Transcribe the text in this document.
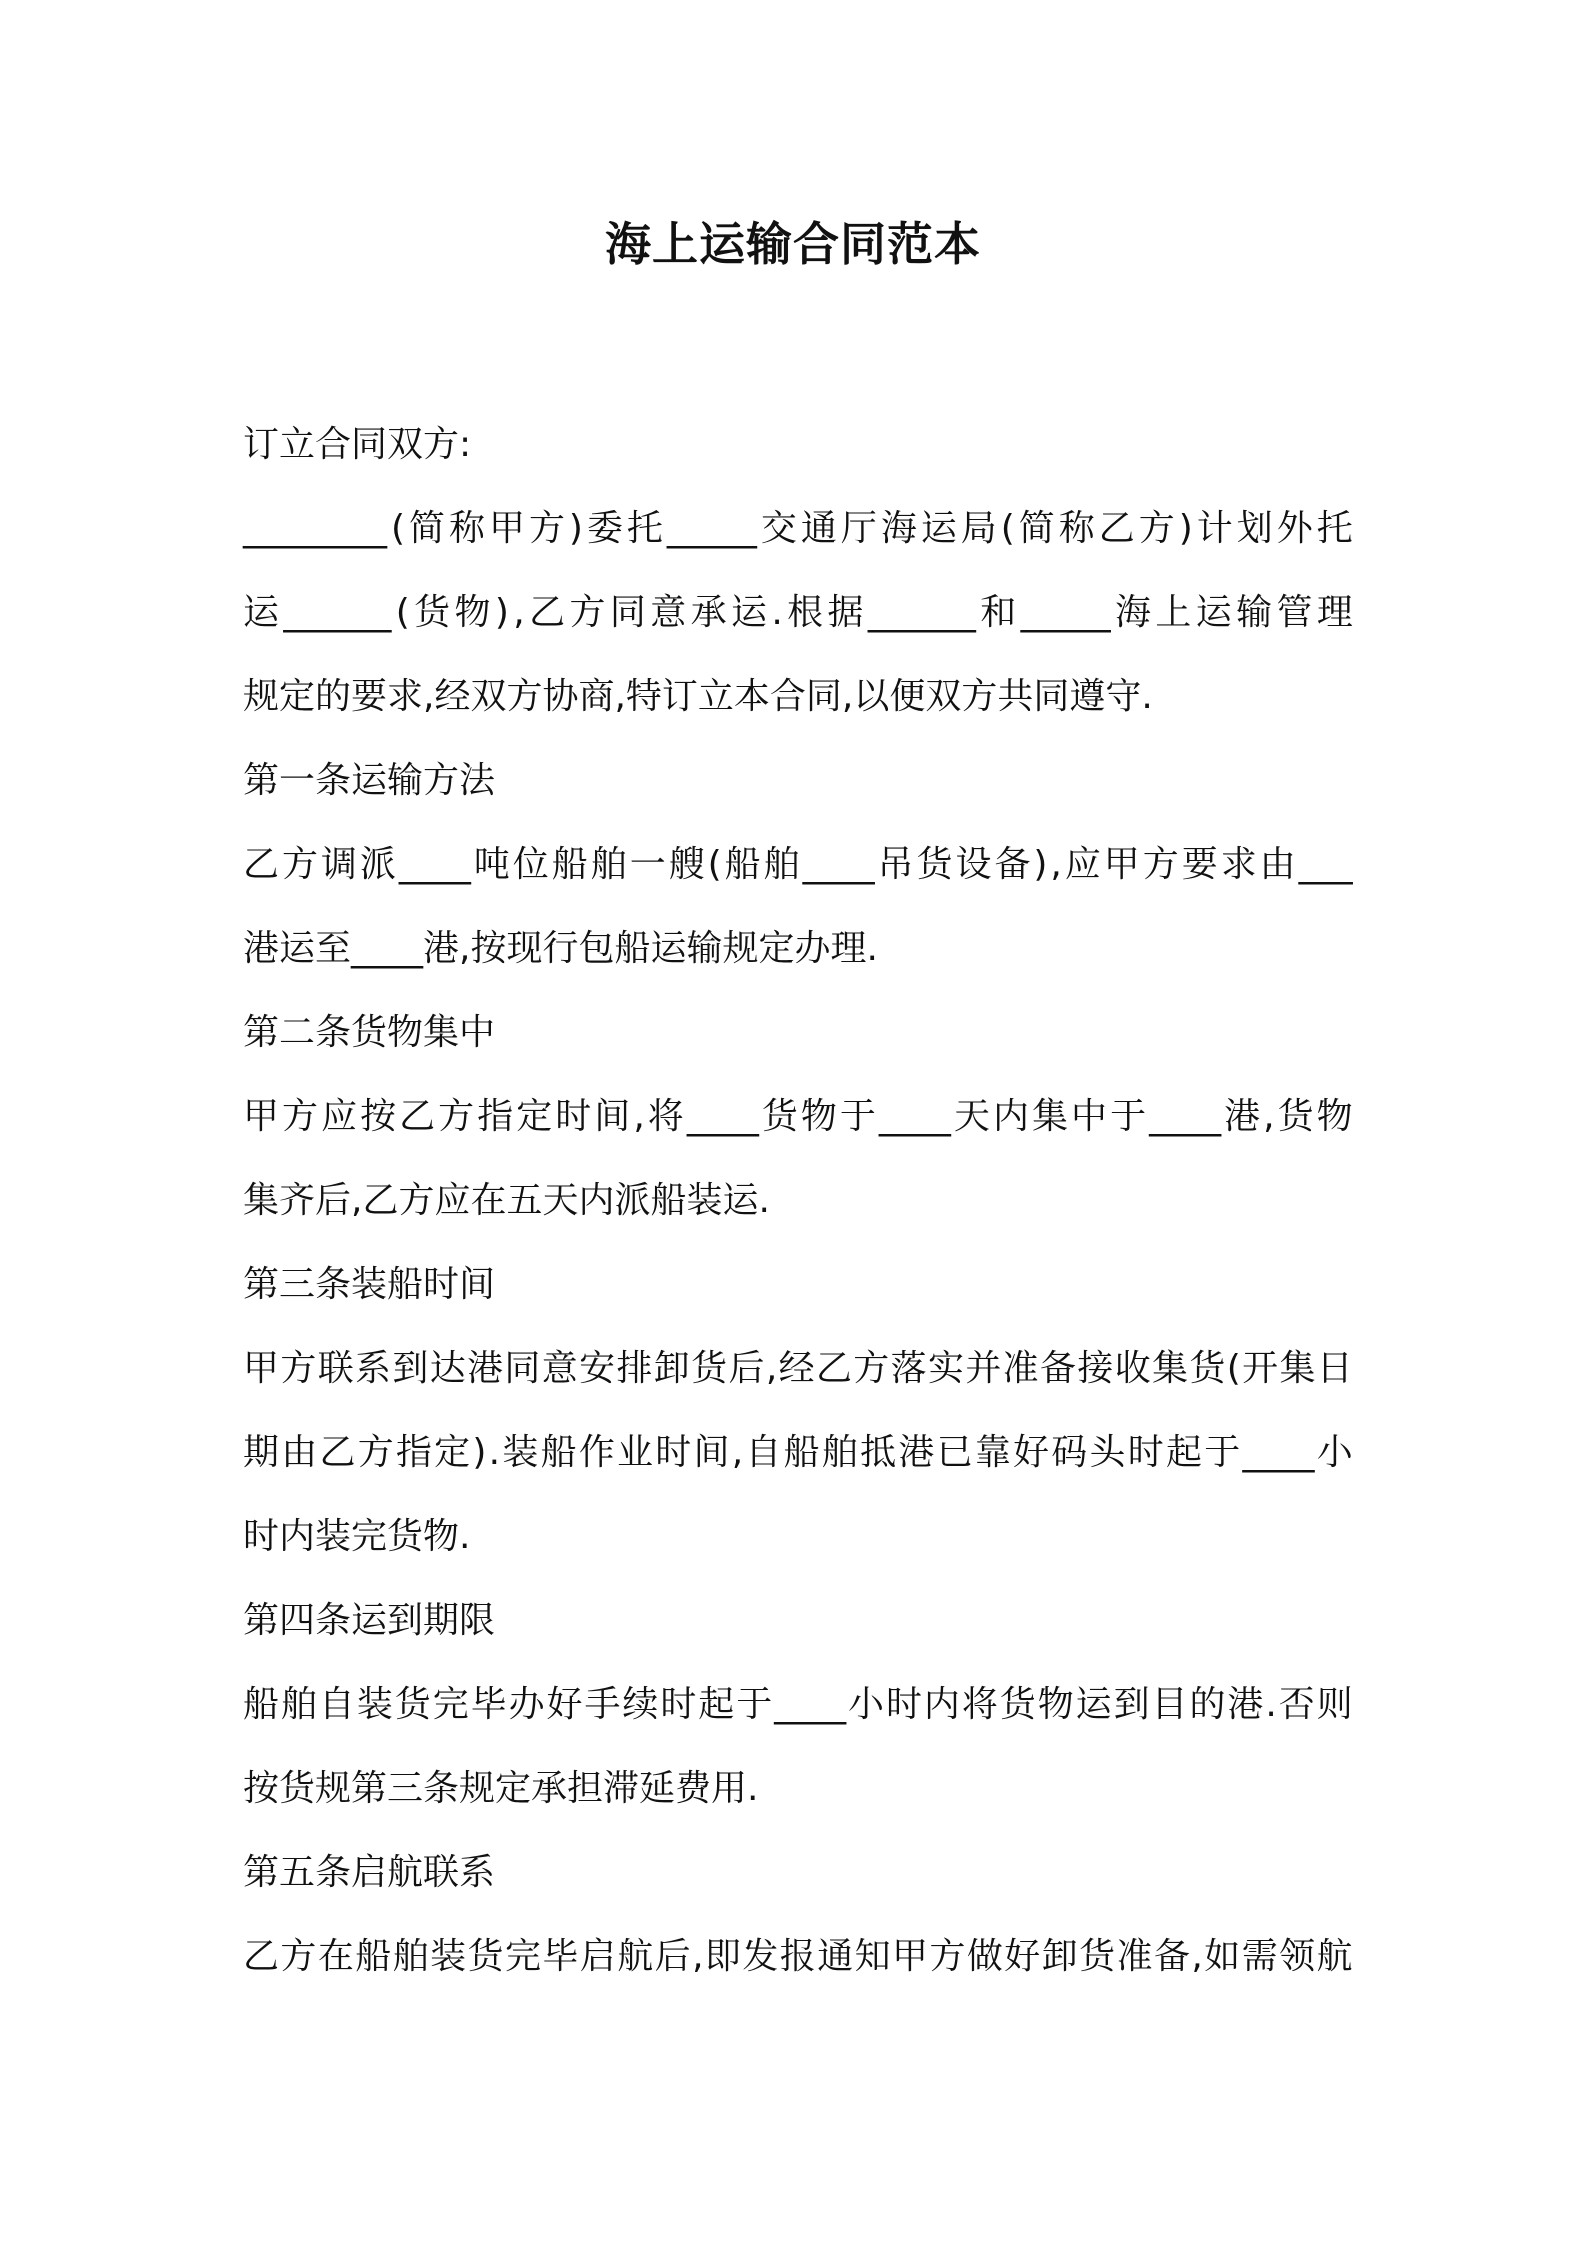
海上运输合同范本
订立合同双方:
________ ( 简 称 甲 方 ) 委 托 _____ 交 通 厅 海 运 局 ( 简 称 乙 方 ) 计 划 外 托
运 ______ ( 货 物 ) , 乙 方 同 意 承 运 . 根 据 ______ 和 _____ 海 上 运 输 管 理
规定的要求,经双方协商,特订立本合同,以便双方共同遵守.
第一条运输方法
乙 方 调 派 ____ 吨 位 船 舶 一 艘 ( 船 舶 ____ 吊 货 设 备 ) , 应 甲 方 要 求 由 ___
港运至____港,按现行包船运输规定办理.
第二条货物集中
甲 方 应 按 乙 方 指 定 时 间 , 将 ____ 货 物 于 ____ 天 内 集 中 于 ____ 港 , 货 物
集齐后,乙方应在五天内派船装运.
第三条装船时间
甲 方 联 系 到 达 港 同 意 安 排 卸 货 后 , 经 乙 方 落 实 并 准 备 接 收 集 货 ( 开 集 日
期 由 乙 方 指 定 ) . 装 船 作 业 时 间 , 自 船 舶 抵 港 已 靠 好 码 头 时 起 于 ____ 小
时内装完货物.
第四条运到期限
船 舶 自 装 货 完 毕 办 好 手 续 时 起 于 ____ 小 时 内 将 货 物 运 到 目 的 港 . 否 则
按货规第三条规定承担滞延费用.
第五条启航联系
乙 方 在 船 舶 装 货 完 毕 启 航 后 , 即 发 报 通 知 甲 方 做 好 卸 货 准 备 , 如 需 领 航
